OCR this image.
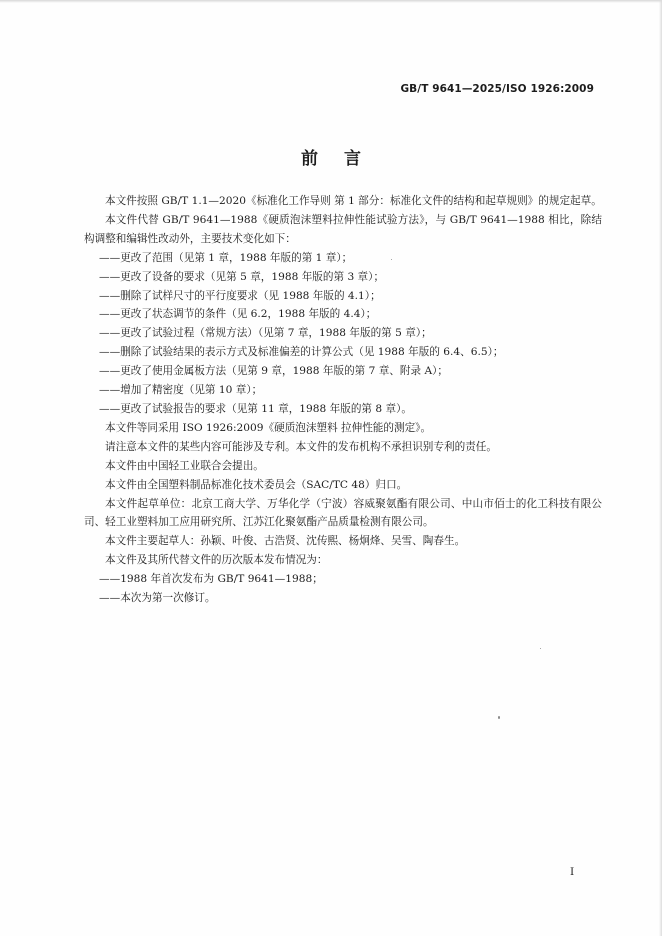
GB/T 9641—2025/ISO 1926:2009
前言

本文件按照 GB/T 1.1—2020《标准化工作导则 第 1 部分：标准化文件的结构和起草规则》的规定起草。

本文件代替 GB/T 9641—1988《硬质泡沫塑料拉伸性能试验方法》，与 GB/T 9641—1988 相比，除结构调整和编辑性改动外，主要技术变化如下：

——更改了范围（见第 1 章，1988 年版的第 1 章）；

——更改了设备的要求（见第 5 章，1988 年版的第 3 章）；

——删除了试样尺寸的平行度要求（见 1988 年版的 4.1）；

——更改了状态调节的条件（见 6.2，1988 年版的 4.4）；

——更改了试验过程（常规方法）（见第 7 章，1988 年版的第 5 章）；

——删除了试验结果的表示方式及标准偏差的计算公式（见 1988 年版的 6.4、6.5）；

——更改了使用金属板方法（见第 9 章，1988 年版的第 7 章、附录 A）；

——增加了精密度（见第 10 章）；

——更改了试验报告的要求（见第 11 章，1988 年版的第 8 章）。

本文件等同采用 ISO 1926:2009《硬质泡沫塑料 拉伸性能的测定》。

请注意本文件的某些内容可能涉及专利。本文件的发布机构不承担识别专利的责任。

本文件由中国轻工业联合会提出。

本文件由全国塑料制品标准化技术委员会（SAC/TC 48）归口。

本文件起草单位：北京工商大学、万华化学（宁波）容威聚氨酯有限公司、中山市佰士的化工科技有限公司、轻工业塑料加工应用研究所、江苏江化聚氨酯产品质量检测有限公司。

本文件主要起草人：孙颖、叶俊、古浩贤、沈传熙、杨炯烽、吴雪、陶春生。

本文件及其所代替文件的历次版本发布情况为：

——1988 年首次发布为 GB/T 9641—1988；

——本次为第一次修订。

I
